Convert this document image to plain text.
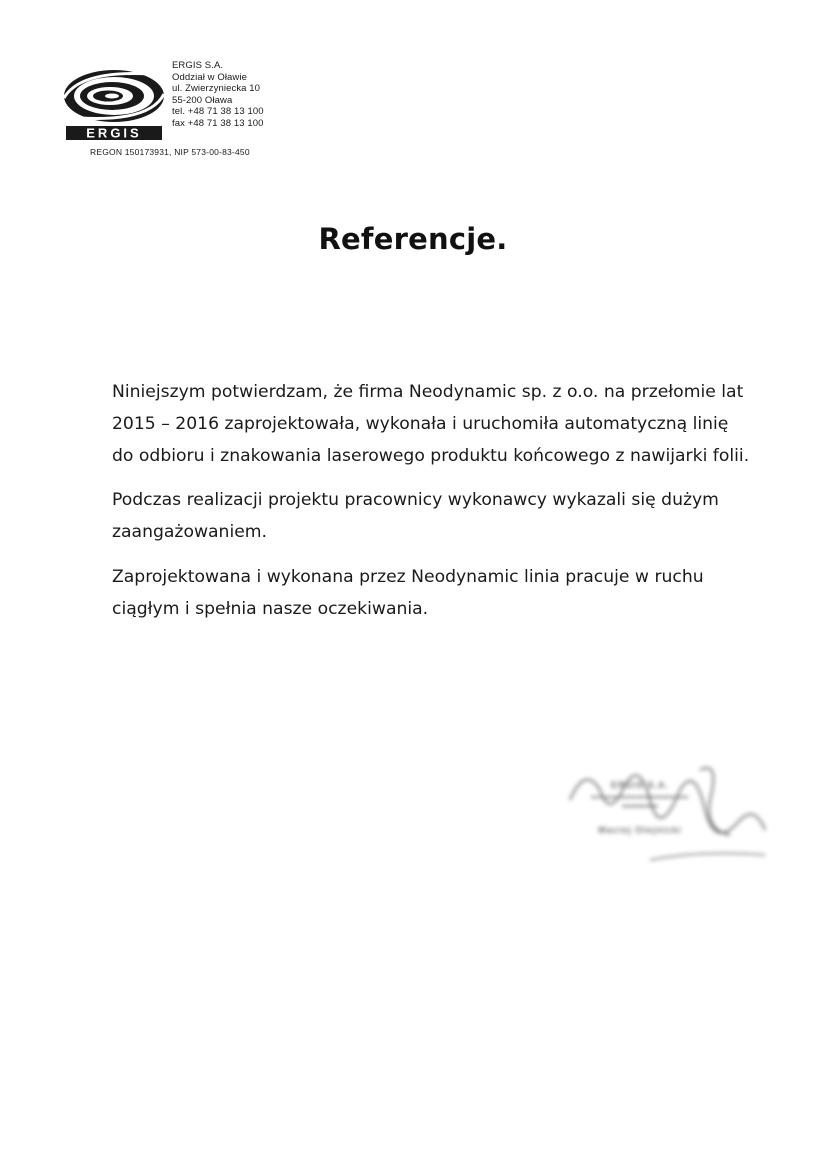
ERGIS
ERGIS S.A.
Oddział w Oławie
ul. Zwierzyniecka 10
55-200 Oława
tel. +48 71 38 13 100
fax +48 71 38 13 100
REGON 150173931, NIP 573-00-83-450
Referencje.

Niniejszym potwierdzam, że firma Neodynamic sp. z o.o. na przełomie lat 2015 – 2016 zaprojektowała, wykonała i uruchomiła automatyczną linię do odbioru i znakowania laserowego produktu końcowego z nawijarki folii.

Podczas realizacji projektu pracownicy wykonawcy wykazali się dużym zaangażowaniem.

Zaprojektowana i wykonana przez Neodynamic linia pracuje w ruchu ciągłym i spełnia nasze oczekiwania.

ERGIS S.A.
▬▬▬▬▬▬▬▬▬▬▬▬▬▬▬
▬▬▬▬▬▬
Maciej Olejnicki
